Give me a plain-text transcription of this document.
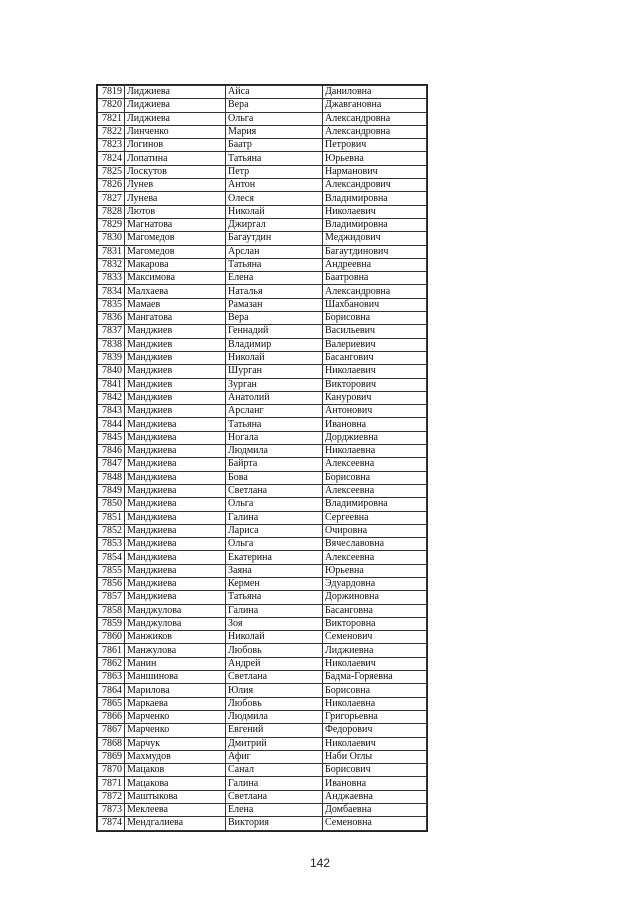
7819	Лиджиева	Айса	Даниловна
7820	Лиджиева	Вера	Джавгановна
7821	Лиджиева	Ольга	Александровна
7822	Линченко	Мария	Александровна
7823	Логинов	Баатр	Петрович
7824	Лопатина	Татьяна	Юрьевна
7825	Лоскутов	Петр	Нарманович
7826	Лунев	Антон	Александрович
7827	Лунева	Олеся	Владимировна
7828	Лютов	Николай	Николаевич
7829	Магнатова	Джиргал	Владимировна
7830	Магомедов	Багаутдин	Меджидович
7831	Магомедов	Арслан	Багаутдинович
7832	Макарова	Татьяна	Андреевна
7833	Максимова	Елена	Баатровна
7834	Малхаева	Наталья	Александровна
7835	Мамаев	Рамазан	Шахбанович
7836	Мангатова	Вера	Борисовна
7837	Манджиев	Геннадий	Васильевич
7838	Манджиев	Владимир	Валериевич
7839	Манджиев	Николай	Басангович
7840	Манджиев	Шурган	Николаевич
7841	Манджиев	Зурган	Викторович
7842	Манджиев	Анатолий	Канурович
7843	Манджиев	Арсланг	Антонович
7844	Манджиева	Татьяна	Ивановна
7845	Манджиева	Ногала	Дорджиевна
7846	Манджиева	Людмила	Николаевна
7847	Манджиева	Байрта	Алексеевна
7848	Манджиева	Бова	Борисовна
7849	Манджиева	Светлана	Алексеевна
7850	Манджиева	Ольга	Владимировна
7851	Манджиева	Галина	Сергеевна
7852	Манджиева	Лариса	Очировна
7853	Манджиева	Ольга	Вячеславовна
7854	Манджиева	Екатерина	Алексеевна
7855	Манджиева	Заяна	Юрьевна
7856	Манджиева	Кермен	Эдуардовна
7857	Манджиева	Татьяна	Доржиновна
7858	Манджулова	Галина	Басанговна
7859	Манджулова	Зоя	Викторовна
7860	Манжиков	Николай	Семенович
7861	Манжулова	Любовь	Лиджиевна
7862	Манин	Андрей	Николаевич
7863	Маншинова	Светлана	Бадма-Горяевна
7864	Марилова	Юлия	Борисовна
7865	Маркаева	Любовь	Николаевна
7866	Марченко	Людмила	Григорьевна
7867	Марченко	Евгений	Федорович
7868	Марчук	Дмитрий	Николаевич
7869	Махмудов	Афиг	Наби Оглы
7870	Мацаков	Санал	Борисович
7871	Мацакова	Галина	Ивановна
7872	Маштыкова	Светлана	Анджаевна
7873	Меклеева	Елена	Домбаевна
7874	Мендгалиева	Виктория	Семеновна
142
